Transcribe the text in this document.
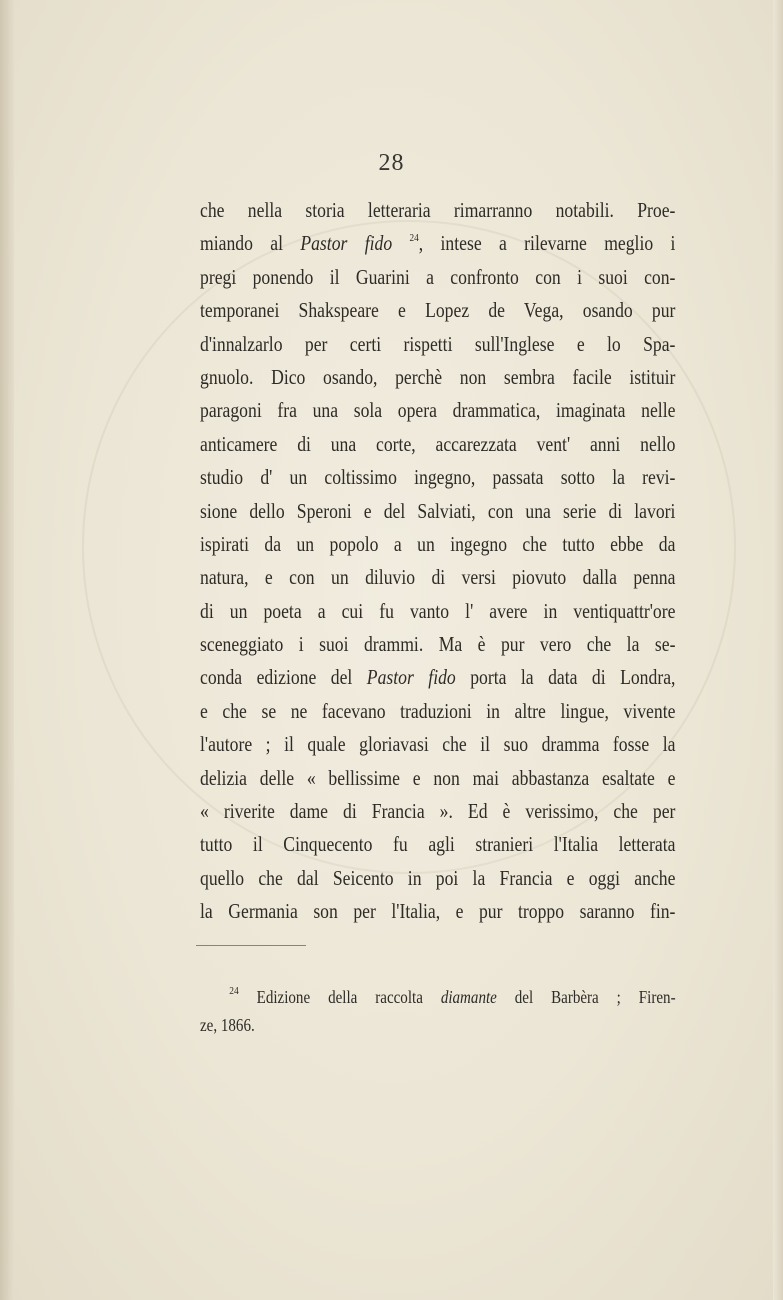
28
che nella storia letteraria rimarranno notabili. Proe-
miando al Pastor fido $^{24}$, intese a rilevarne meglio i
pregi ponendo il Guarini a confronto con i suoi con-
temporanei Shakspeare e Lopez de Vega, osando pur
d'innalzarlo per certi rispetti sull'Inglese e lo Spa-
gnuolo. Dico osando, perchè non sembra facile istituir
paragoni fra una sola opera drammatica, imaginata nelle
anticamere di una corte, accarezzata vent' anni nello
studio d' un coltissimo ingegno, passata sotto la revi-
sione dello Speroni e del Salviati, con una serie di lavori
ispirati da un popolo a un ingegno che tutto ebbe da
natura, e con un diluvio di versi piovuto dalla penna
di un poeta a cui fu vanto l' avere in ventiquattr'ore
sceneggiato i suoi drammi. Ma è pur vero che la se-
conda edizione del Pastor fido porta la data di Londra,
e che se ne facevano traduzioni in altre lingue, vivente
l'autore ; il quale gloriavasi che il suo dramma fosse la
delizia delle « bellissime e non mai abbastanza esaltate e
« riverite dame di Francia ». Ed è verissimo, che per
tutto il Cinquecento fu agli stranieri l'Italia letterata
quello che dal Seicento in poi la Francia e oggi anche
la Germania son per l'Italia, e pur troppo saranno fin-
$^{24}$ Edizione della raccolta diamante del Barbèra ; Firen-
ze, 1866.
